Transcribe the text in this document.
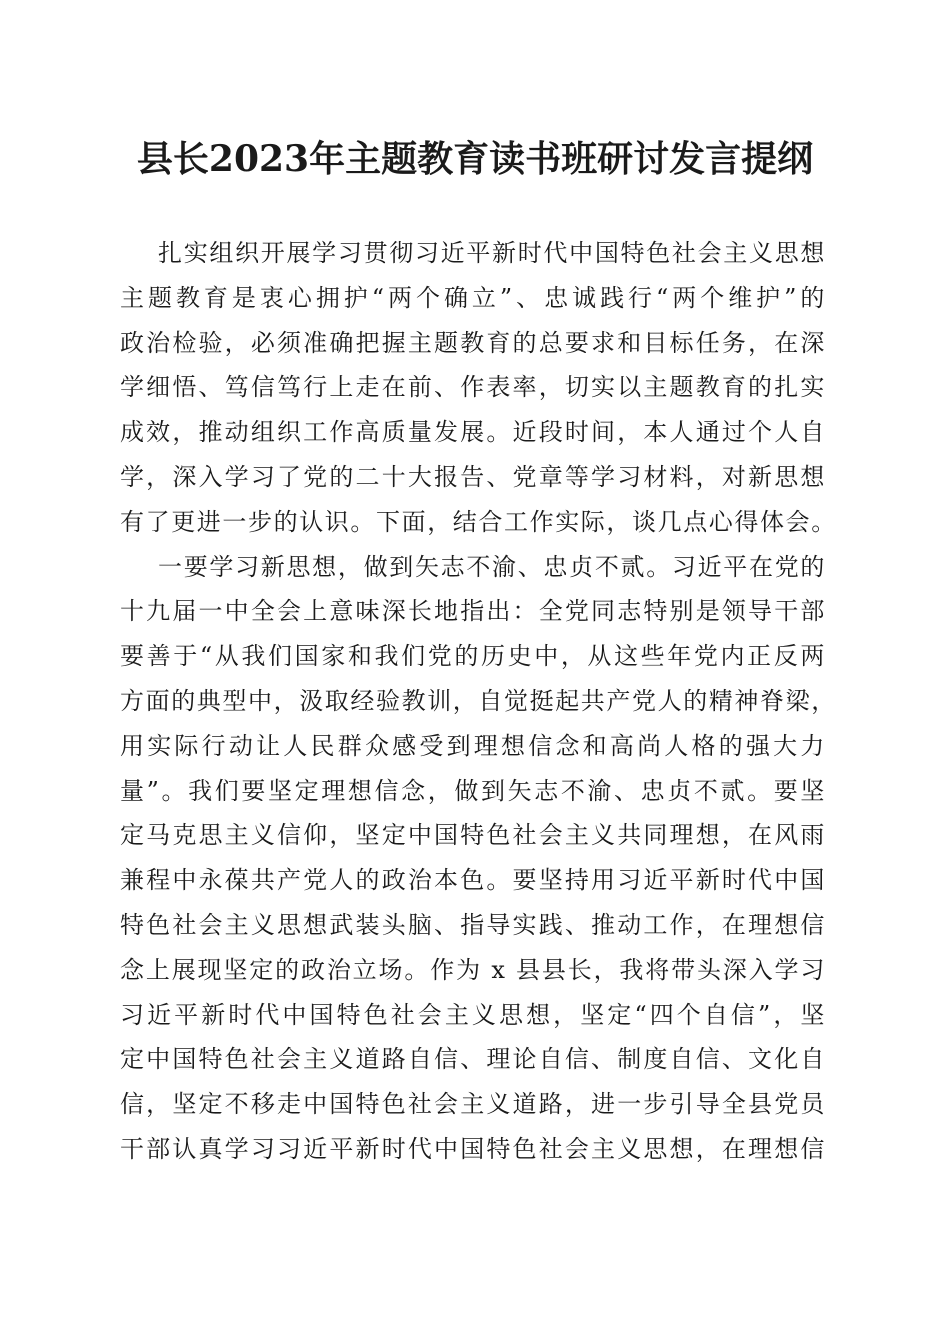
县长2023年主题教育读书班研讨发言提纲
扎实组织开展学习贯彻习近平新时代中国特色社会主义思想
主题教育是衷心拥护“两个确立”、忠诚践行“两个维护”的
政治检验，必须准确把握主题教育的总要求和目标任务，在深
学细悟、笃信笃行上走在前、作表率，切实以主题教育的扎实
成效，推动组织工作高质量发展。近段时间，本人通过个人自
学，深入学习了党的二十大报告、党章等学习材料，对新思想
有了更进一步的认识。下面，结合工作实际，谈几点心得体会。
一要学习新思想，做到矢志不渝、忠贞不贰。习近平在党的
十九届一中全会上意味深长地指出：全党同志特别是领导干部
要善于“从我们国家和我们党的历史中，从这些年党内正反两
方面的典型中，汲取经验教训，自觉挺起共产党人的精神脊梁，
用实际行动让人民群众感受到理想信念和高尚人格的强大力
量”。我们要坚定理想信念，做到矢志不渝、忠贞不贰。要坚
定马克思主义信仰，坚定中国特色社会主义共同理想，在风雨
兼程中永葆共产党人的政治本色。要坚持用习近平新时代中国
特色社会主义思想武装头脑、指导实践、推动工作，在理想信
念上展现坚定的政治立场。作为 x 县县长，我将带头深入学习
习近平新时代中国特色社会主义思想，坚定“四个自信”，坚
定中国特色社会主义道路自信、理论自信、制度自信、文化自
信，坚定不移走中国特色社会主义道路，进一步引导全县党员
干部认真学习习近平新时代中国特色社会主义思想，在理想信
